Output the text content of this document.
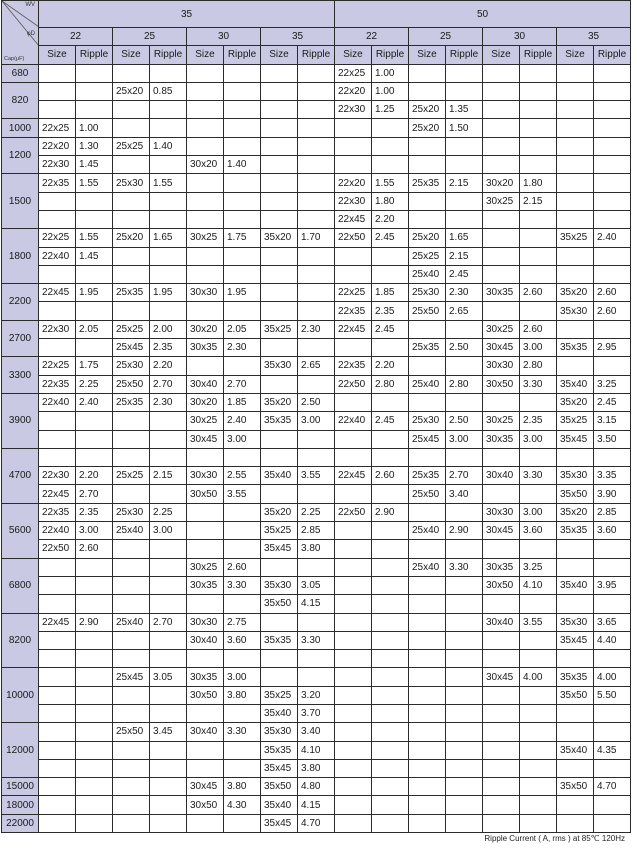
WV
φD
Cap(μF)	35								50							
	22		25		30		35		22		25		30		35	
	Size	Ripple	Size	Ripple	Size	Ripple	Size	Ripple	Size	Ripple	Size	Ripple	Size	Ripple	Size	Ripple
680									22x25	1.00						
820			25x20	0.85					22x20	1.00						
									22x30	1.25	25x20	1.35				
1000	22x25	1.00									25x20	1.50				
1200	22x20	1.30	25x25	1.40												
	22x30	1.45			30x20	1.40										
1500	22x35	1.55	25x30	1.55					22x20	1.55	25x35	2.15	30x20	1.80		
									22x30	1.80			30x25	2.15		
									22x45	2.20						
1800	22x25	1.55	25x20	1.65	30x25	1.75	35x20	1.70	22x50	2.45	25x20	1.65			35x25	2.40
	22x40	1.45									25x25	2.15				
											25x40	2.45				
2200	22x45	1.95	25x35	1.95	30x30	1.95			22x25	1.85	25x30	2.30	30x35	2.60	35x20	2.60
									22x35	2.35	25x50	2.65			35x30	2.60
2700	22x30	2.05	25x25	2.00	30x20	2.05	35x25	2.30	22x45	2.45			30x25	2.60		
			25x45	2.35	30x35	2.30					25x35	2.50	30x45	3.00	35x35	2.95
3300	22x25	1.75	25x30	2.20			35x30	2.65	22x35	2.20			30x30	2.80		
	22x35	2.25	25x50	2.70	30x40	2.70			22x50	2.80	25x40	2.80	30x50	3.30	35x40	3.25
3900	22x40	2.40	25x35	2.30	30x20	1.85	35x20	2.50							35x20	2.45
					30x25	2.40	35x35	3.00	22x40	2.45	25x30	2.50	30x25	2.35	35x25	3.15
					30x45	3.00					25x45	3.00	30x35	3.00	35x45	3.50
4700																
	22x30	2.20	25x25	2.15	30x30	2.55	35x40	3.55	22x45	2.60	25x35	2.70	30x40	3.30	35x30	3.35
	22x45	2.70			30x50	3.55					25x50	3.40			35x50	3.90
5600	22x35	2.35	25x30	2.25			35x20	2.25	22x50	2.90			30x30	3.00	35x20	2.85
	22x40	3.00	25x40	3.00			35x25	2.85			25x40	2.90	30x45	3.60	35x35	3.60
	22x50	2.60					35x45	3.80								
6800					30x25	2.60					25x40	3.30	30x35	3.25		
					30x35	3.30	35x30	3.05					30x50	4.10	35x40	3.95
							35x50	4.15								
8200	22x45	2.90	25x40	2.70	30x30	2.75							30x40	3.55	35x30	3.65
					30x40	3.60	35x35	3.30							35x45	4.40

10000			25x45	3.05	30x35	3.00							30x45	4.00	35x35	4.00
					30x50	3.80	35x25	3.20							35x50	5.50
							35x40	3.70								
12000			25x50	3.45	30x40	3.30	35x30	3.40								
							35x35	4.10							35x40	4.35
							35x45	3.80								
15000					30x45	3.80	35x50	4.80							35x50	4.70
18000					30x50	4.30	35x40	4.15								
22000							35x45	4.70								
Ripple Current ( A, rms ) at 85℃ 120Hz
